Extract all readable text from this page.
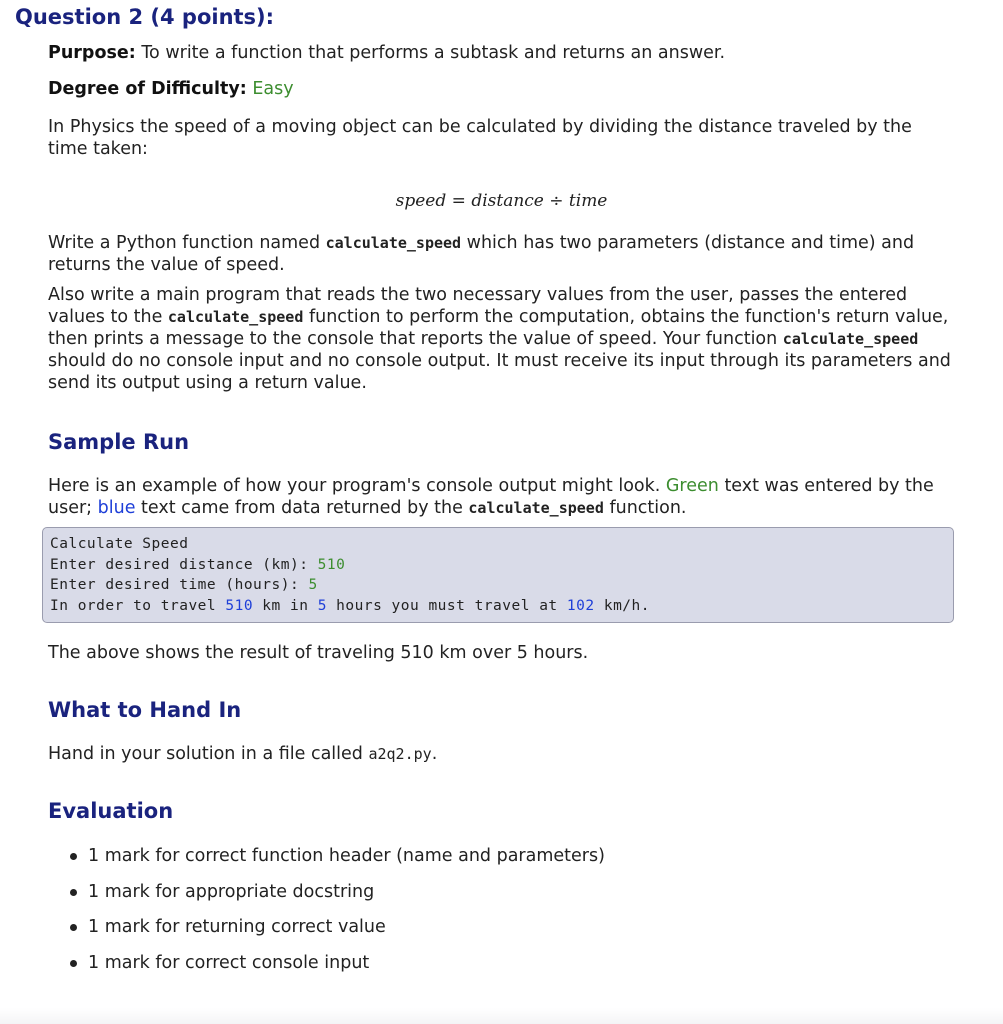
Question 2 (4 points):

Purpose: To write a function that performs a subtask and returns an answer.

Degree of Difficulty: Easy

In Physics the speed of a moving object can be calculated by dividing the distance traveled by the time taken:

speed = distance ÷ time

Write a Python function named calculate_speed which has two parameters (distance and time) and returns the value of speed.

Also write a main program that reads the two necessary values from the user, passes the entered values to the calculate_speed function to perform the computation, obtains the function's return value, then prints a message to the console that reports the value of speed. Your function calculate_speed should do no console input and no console output. It must receive its input through its parameters and send its output using a return value.

Sample Run

Here is an example of how your program's console output might look. Green text was entered by the user; blue text came from data returned by the calculate_speed function.

Calculate Speed
Enter desired distance (km): 510
Enter desired time (hours): 5
In order to travel 510 km in 5 hours you must travel at 102 km/h.

The above shows the result of traveling 510 km over 5 hours.

What to Hand In

Hand in your solution in a file called a2q2.py.

Evaluation
1 mark for correct function header (name and parameters)
1 mark for appropriate docstring
1 mark for returning correct value
1 mark for correct console input
